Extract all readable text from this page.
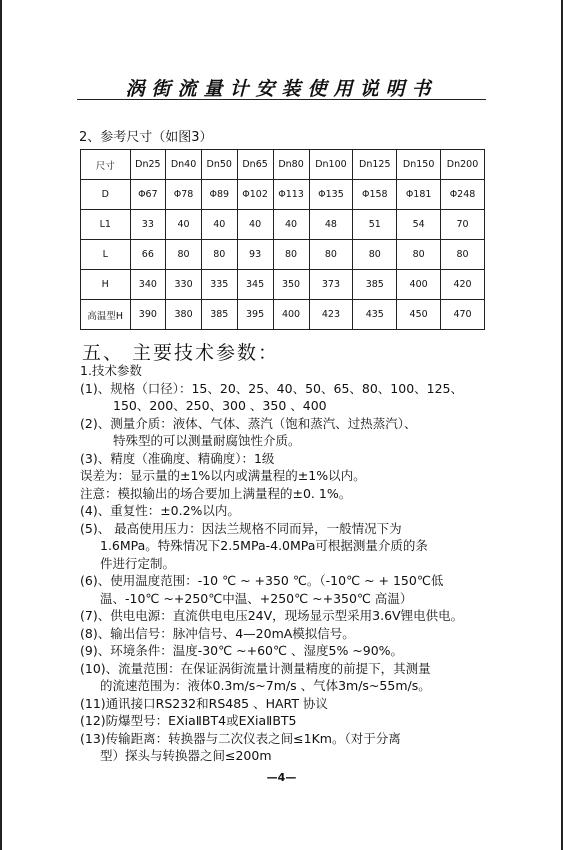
涡街流量计安装使用说明书
2、参考尺寸（如图3）
尺寸	Dn25	Dn40	Dn50	Dn65	Dn80	Dn100	Dn125	Dn150	Dn200
D	Φ67	Φ78	Φ89	Φ102	Φ113	Φ135	Φ158	Φ181	Φ248
L1	33	40	40	40	40	48	51	54	70
L	66	80	80	93	80	80	80	80	80
H	340	330	335	345	350	373	385	400	420
高温型H	390	380	385	395	400	423	435	450	470
五、 主要技术参数：
1.技术参数
(1)、规格（口径）：15、20、25、40、50、65、80、100、125、
150、200、250、300 、350 、400
(2)、测量介质：液体、气体、蒸汽（饱和蒸汽、过热蒸汽）、
特殊型的可以测量耐腐蚀性介质。
(3)、精度（准确度、精确度）：1级
误差为：显示量的±1%以内或满量程的±1%以内。
注意：模拟输出的场合要加上满量程的±0. 1%。
(4)、重复性：±0.2%以内。
(5)、 最高使用压力：因法兰规格不同而异，一般情况下为
1.6MPa。特殊情况下2.5MPa-4.0MPa可根据测量介质的条
件进行定制。
(6)、使用温度范围：-10 ℃ ~ +350 ℃。（-10℃ ~ + 150℃低
温、-10℃ ~+250℃中温、+250℃ ~+350℃ 高温）
(7)、供电电源：直流供电电压24V，现场显示型采用3.6V锂电供电。
(8)、输出信号：脉冲信号、4—20mA模拟信号。
(9)、环境条件：温度-30℃ ~+60℃ 、湿度5% ~90%。
(10)、流量范围：在保证涡街流量计测量精度的前提下，其测量
的流速范围为：液体0.3m/s~7m/s 、气体3m/s~55m/s。
(11)通讯接口RS232和RS485 、HART 协议
(12)防爆型号：EXiaⅡBT4或EXiaⅡBT5
(13)传输距离：转换器与二次仪表之间≤1Km。（对于分离
型）探头与转换器之间≤200m
—4—
